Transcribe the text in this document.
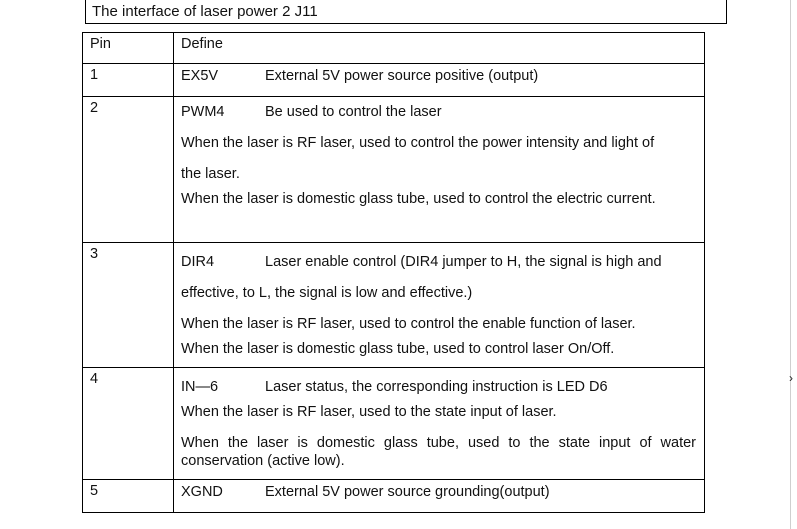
The interface of laser power 2 J11
Pin	Define
1	EX5V External 5V power source positive (output)

2	PWM4 Be used to control the laser
When the laser is RF laser, used to control the power intensity and light of
the laser.
When the laser is domestic glass tube, used to control the electric current.

3	DIR4 Laser enable control (DIR4 jumper to H, the signal is high and
effective, to L, the signal is low and effective.)
When the laser is RF laser, used to control the enable function of laser.
When the laser is domestic glass tube, used to control laser On/Off.

4	IN—6 Laser status, the corresponding instruction is LED D6
When the laser is RF laser, used to the state input of laser.
When the laser is domestic glass tube, used to the state input of water conservation (active low).

5	XGND External 5V power source grounding(output)
›
